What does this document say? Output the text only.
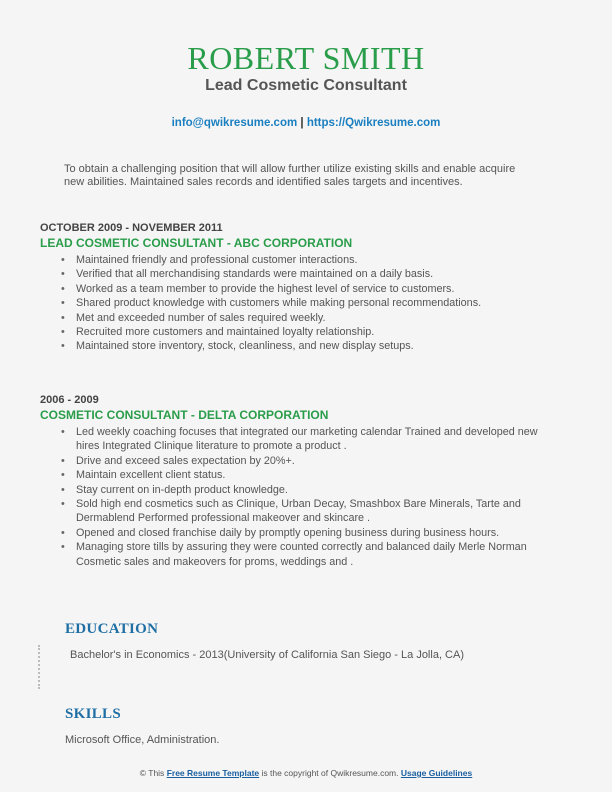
ROBERT SMITH
Lead Cosmetic Consultant
info@qwikresume.com | https://Qwikresume.com
To obtain a challenging position that will allow further utilize existing skills and enable acquire new abilities. Maintained sales records and identified sales targets and incentives.
OCTOBER 2009 - NOVEMBER 2011
LEAD COSMETIC CONSULTANT - ABC CORPORATION
• Maintained friendly and professional customer interactions.
• Verified that all merchandising standards were maintained on a daily basis.
• Worked as a team member to provide the highest level of service to customers.
• Shared product knowledge with customers while making personal recommendations.
• Met and exceeded number of sales required weekly.
• Recruited more customers and maintained loyalty relationship.
• Maintained store inventory, stock, cleanliness, and new display setups.
2006 - 2009
COSMETIC CONSULTANT - DELTA CORPORATION
• Led weekly coaching focuses that integrated our marketing calendar Trained and developed new hires Integrated Clinique literature to promote a product .
• Drive and exceed sales expectation by 20%+.
• Maintain excellent client status.
• Stay current on in-depth product knowledge.
• Sold high end cosmetics such as Clinique, Urban Decay, Smashbox Bare Minerals, Tarte and Dermablend Performed professional makeover and skincare .
• Opened and closed franchise daily by promptly opening business during business hours.
• Managing store tills by assuring they were counted correctly and balanced daily Merle Norman Cosmetic sales and makeovers for proms, weddings and .
EDUCATION
Bachelor's in Economics - 2013(University of California San Siego - La Jolla, CA)
SKILLS
Microsoft Office, Administration.
© This Free Resume Template is the copyright of Qwikresume.com. Usage Guidelines
